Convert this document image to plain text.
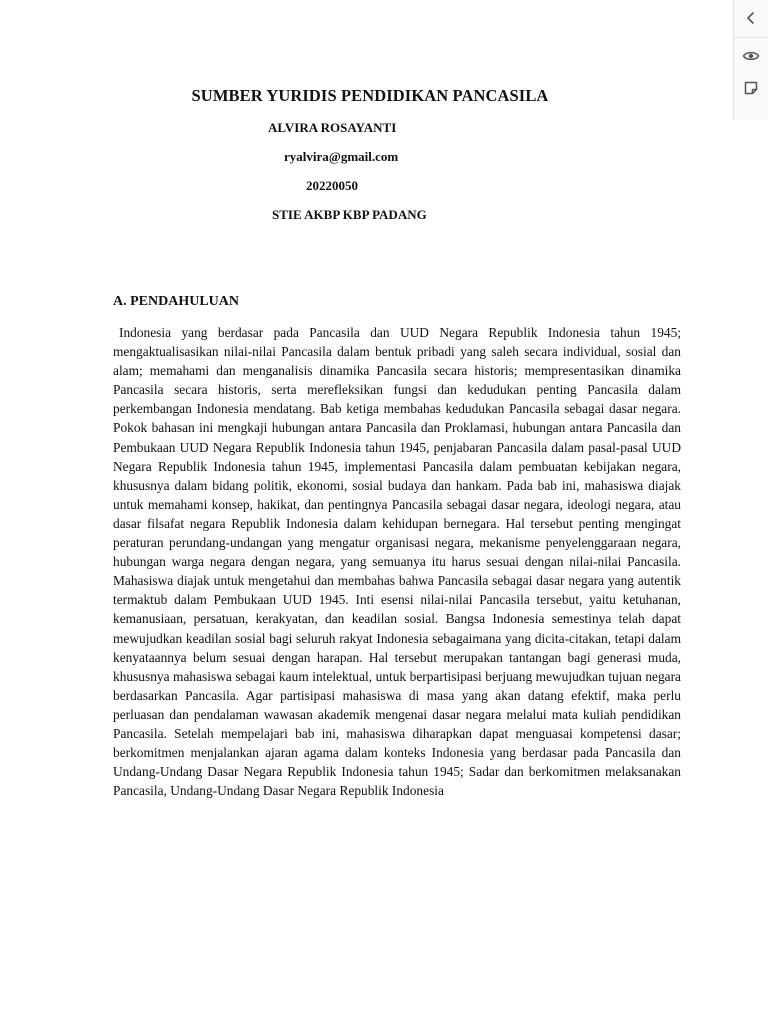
SUMBER YURIDIS PENDIDIKAN PANCASILA
ALVIRA ROSAYANTI
ryalvira@gmail.com
20220050
STIE AKBP KBP PADANG
A. PENDAHULUAN

Indonesia yang berdasar pada Pancasila dan UUD Negara Republik Indonesia tahun 1945; mengaktualisasikan nilai-nilai Pancasila dalam bentuk pribadi yang saleh secara individual, sosial dan alam; memahami dan menganalisis dinamika Pancasila secara historis; mempresentasikan dinamika Pancasila secara historis, serta merefleksikan fungsi dan kedudukan penting Pancasila dalam perkembangan Indonesia mendatang. Bab ketiga membahas kedudukan Pancasila sebagai dasar negara. Pokok bahasan ini mengkaji hubungan antara Pancasila dan Proklamasi, hubungan antara Pancasila dan Pembukaan UUD Negara Republik Indonesia tahun 1945, penjabaran Pancasila dalam pasal-pasal UUD Negara Republik Indonesia tahun 1945, implementasi Pancasila dalam pembuatan kebijakan negara, khususnya dalam bidang politik, ekonomi, sosial budaya dan hankam. Pada bab ini, mahasiswa diajak untuk memahami konsep, hakikat, dan pentingnya Pancasila sebagai dasar negara, ideologi negara, atau dasar filsafat negara Republik Indonesia dalam kehidupan bernegara. Hal tersebut penting mengingat peraturan perundang-undangan yang mengatur organisasi negara, mekanisme penyelenggaraan negara, hubungan warga negara dengan negara, yang semuanya itu harus sesuai dengan nilai-nilai Pancasila. Mahasiswa diajak untuk mengetahui dan membahas bahwa Pancasila sebagai dasar negara yang autentik termaktub dalam Pembukaan UUD 1945. Inti esensi nilai-nilai Pancasila tersebut, yaitu ketuhanan, kemanusiaan, persatuan, kerakyatan, dan keadilan sosial. Bangsa Indonesia semestinya telah dapat mewujudkan keadilan sosial bagi seluruh rakyat Indonesia sebagaimana yang dicita-citakan, tetapi dalam kenyataannya belum sesuai dengan harapan. Hal tersebut merupakan tantangan bagi generasi muda, khususnya mahasiswa sebagai kaum intelektual, untuk berpartisipasi berjuang mewujudkan tujuan negara berdasarkan Pancasila. Agar partisipasi mahasiswa di masa yang akan datang efektif, maka perlu perluasan dan pendalaman wawasan akademik mengenai dasar negara melalui mata kuliah pendidikan Pancasila. Setelah mempelajari bab ini, mahasiswa diharapkan dapat menguasai kompetensi dasar; berkomitmen menjalankan ajaran agama dalam konteks Indonesia yang berdasar pada Pancasila dan Undang-Undang Dasar Negara Republik Indonesia tahun 1945; Sadar dan berkomitmen melaksanakan Pancasila, Undang-Undang Dasar Negara Republik Indonesia
